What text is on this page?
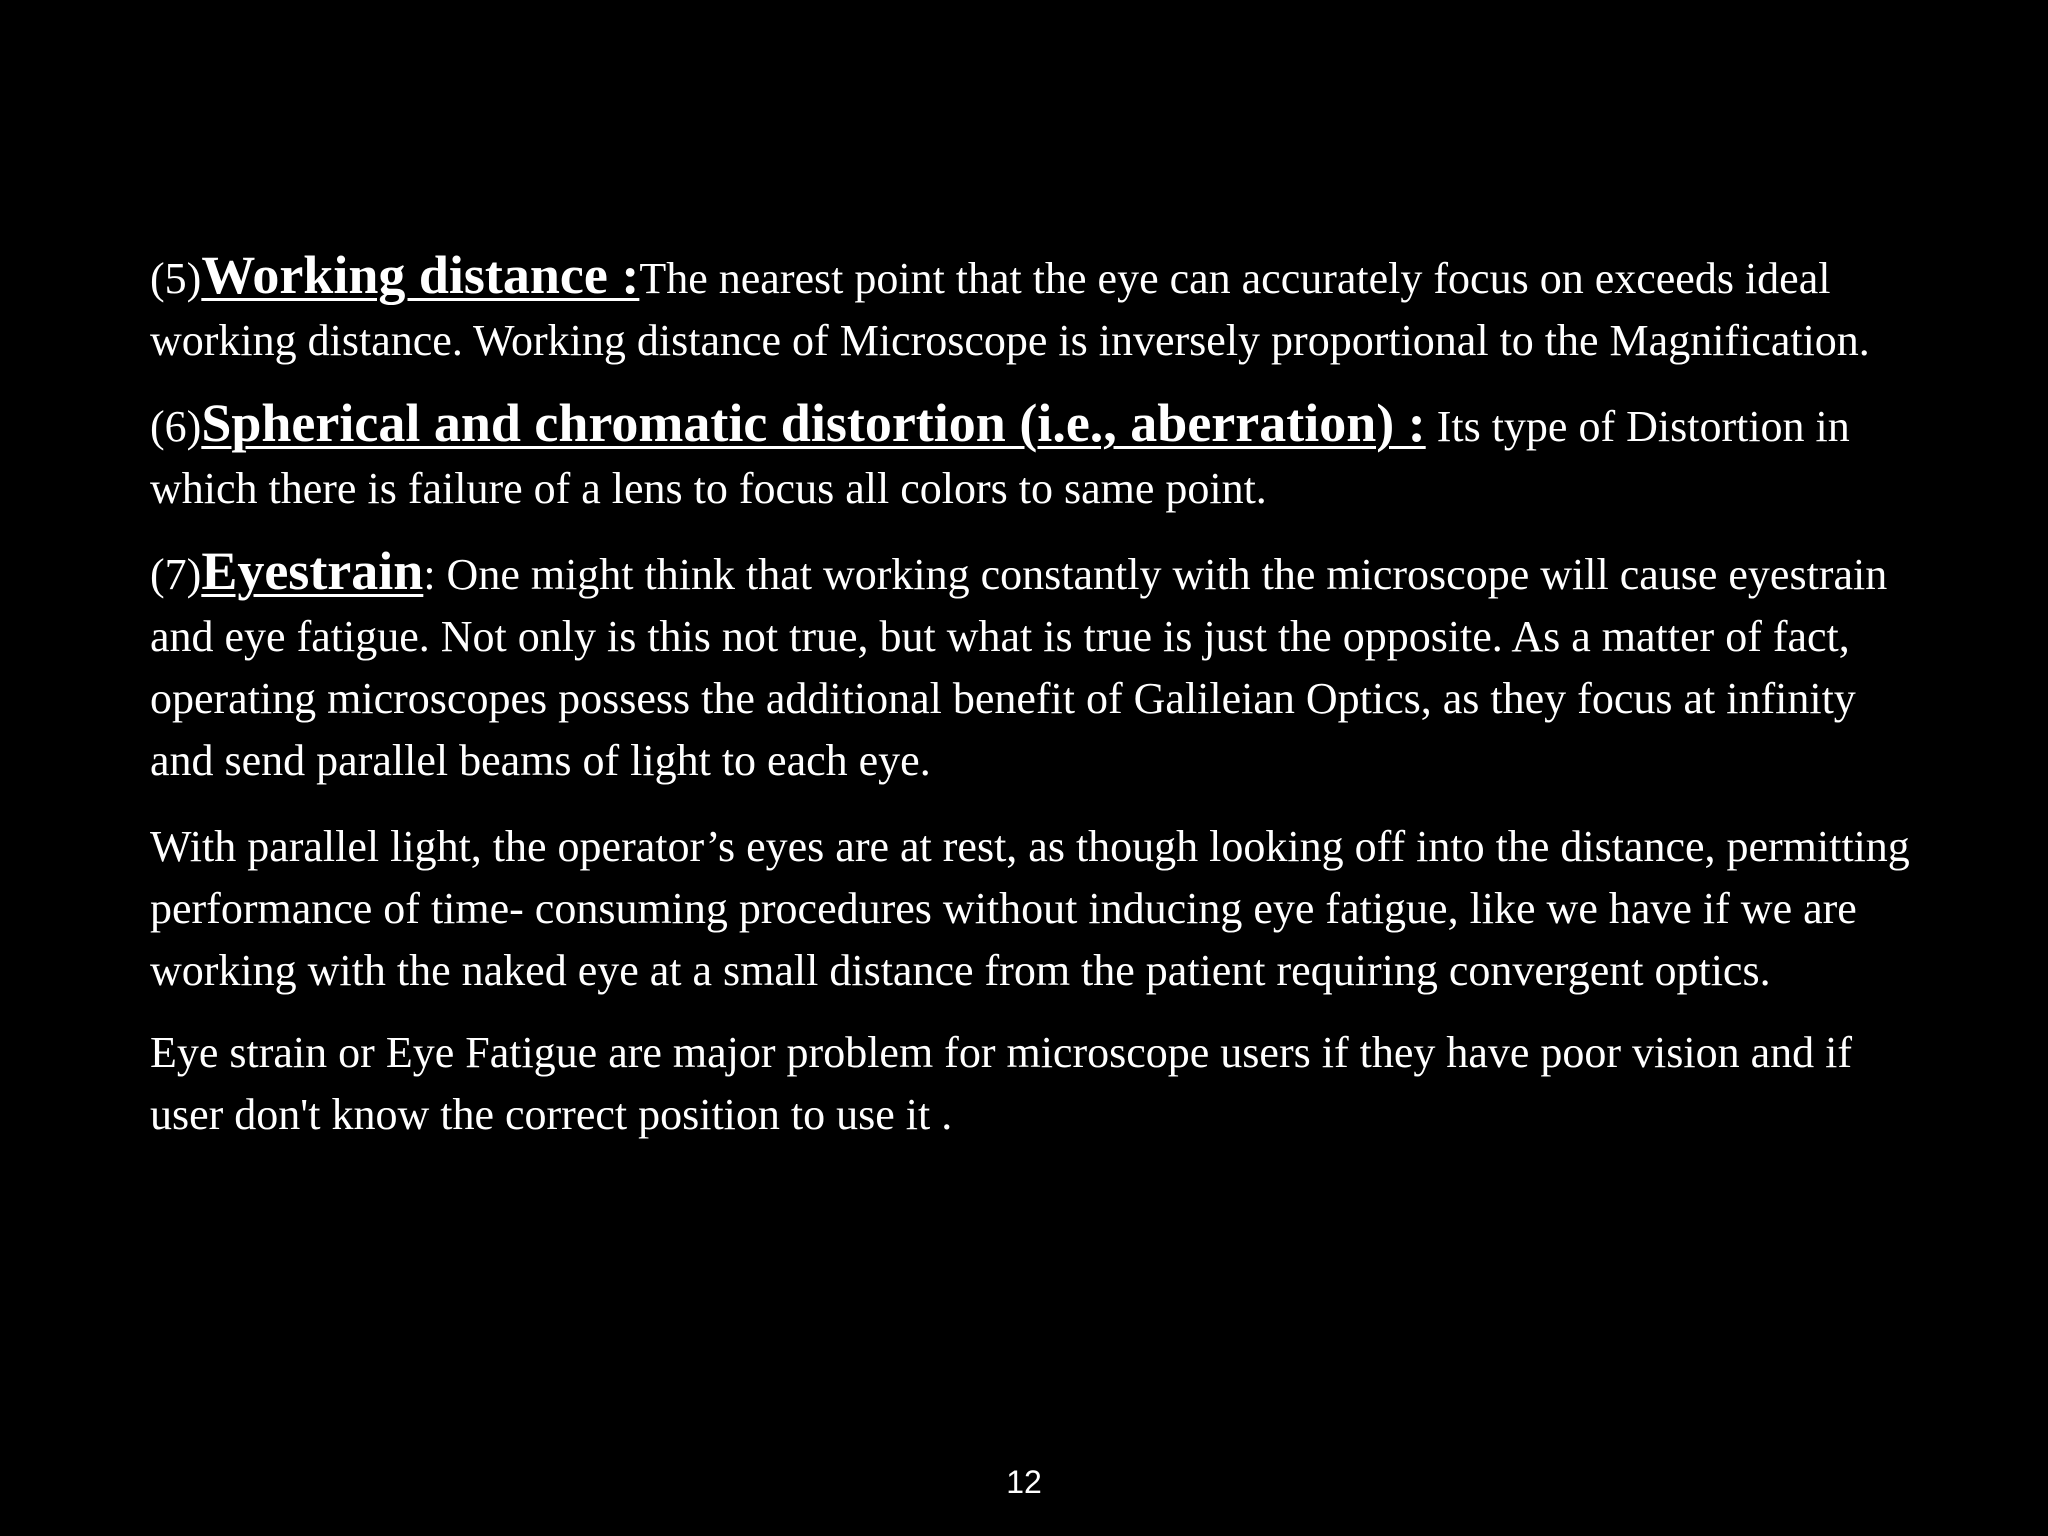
(5)Working distance :The nearest point that the eye can accurately focus on exceeds ideal working distance. Working distance of Microscope is inversely proportional to the Magnification.

(6)Spherical and chromatic distortion (i.e., aberration) : Its type of Distortion in which there is failure of a lens to focus all colors to same point.

(7)Eyestrain: One might think that working constantly with the microscope will cause eyestrain and eye fatigue. Not only is this not true, but what is true is just the opposite. As a matter of fact, operating microscopes possess the additional benefit of Galileian Optics, as they focus at infinity and send parallel beams of light to each eye.

With parallel light, the operator’s eyes are at rest, as though looking off into the distance, permitting performance of time- consuming procedures without inducing eye fatigue, like we have if we are working with the naked eye at a small distance from the patient requiring convergent optics.

Eye strain or Eye Fatigue are major problem for microscope users if they have poor vision and if user don't know the correct position to use it .

12
